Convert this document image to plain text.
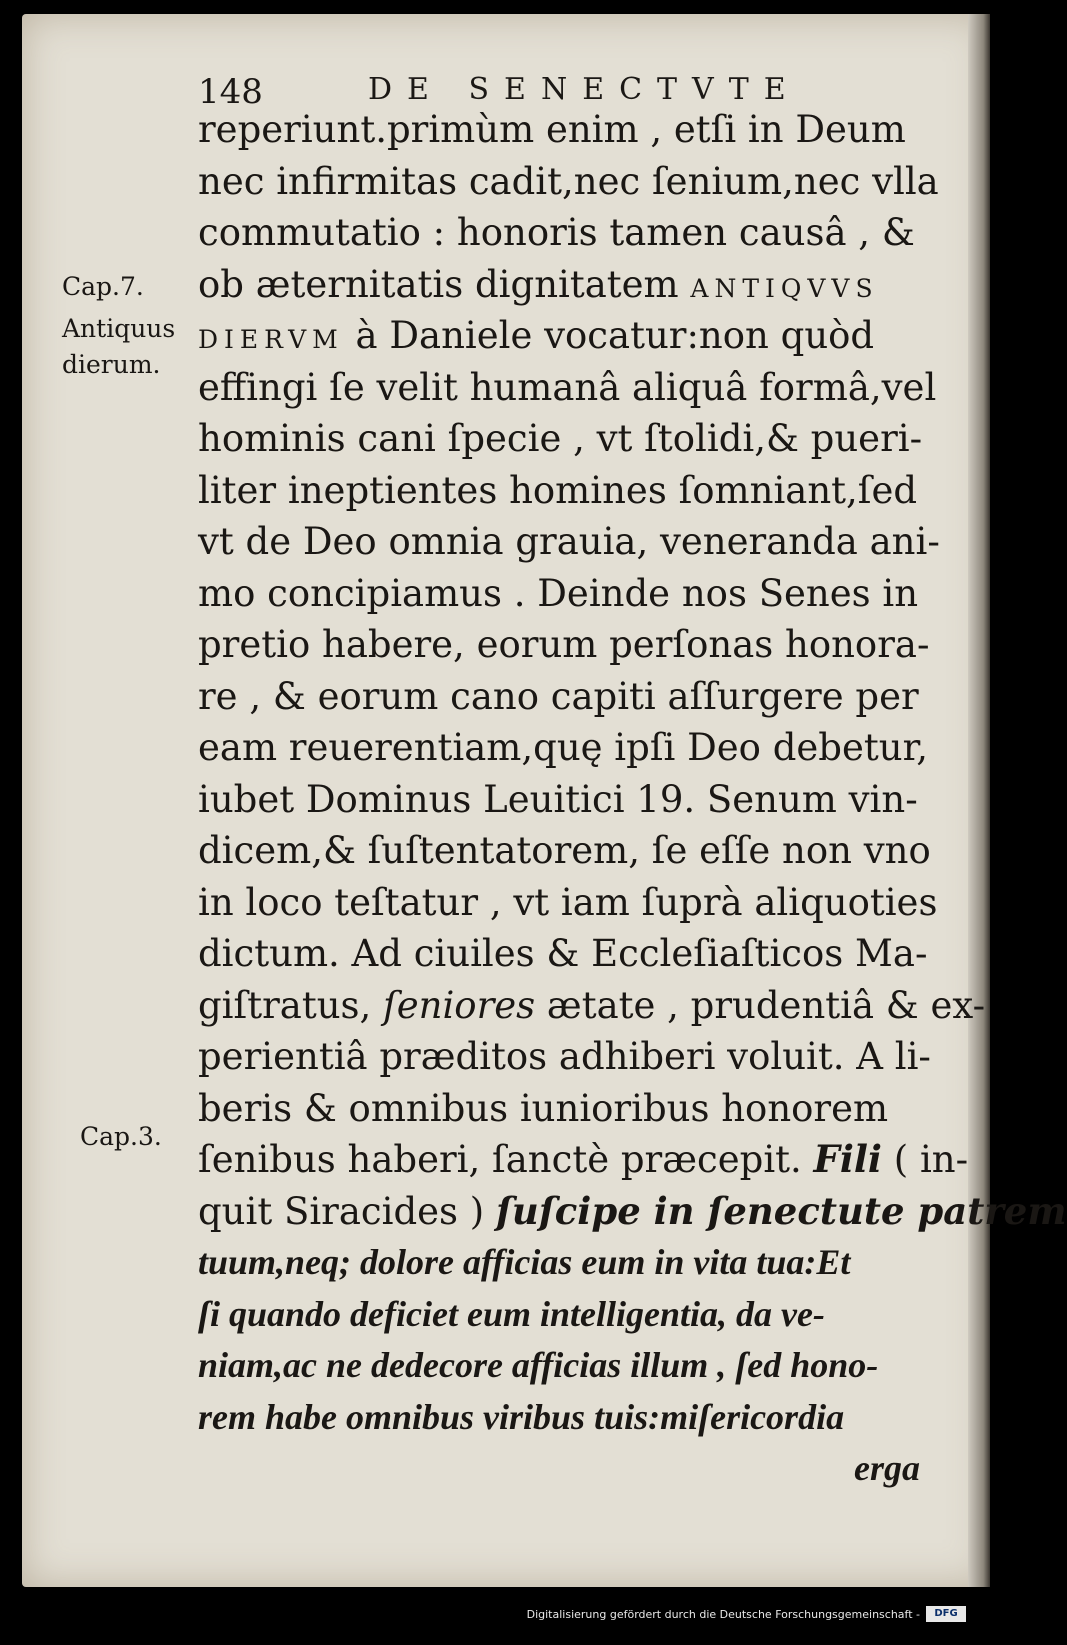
148	DE SENECTVTE
Cap.7.
Antiquus
dierum.
Cap.3.
reperiunt.primùm enim , etſi in Deum
nec infirmitas cadit,nec ſenium,nec vlla
commutatio : honoris tamen causâ , &
ob æternitatis dignitatem ANTIQVVS
DIERVM à Daniele vocatur:non quòd
effingi ſe velit humanâ aliquâ formâ,vel
hominis cani ſpecie , vt ſtolidi,& pueri-
liter ineptientes homines ſomniant,ſed
vt de Deo omnia grauia, veneranda ani-
mo concipiamus . Deinde nos Senes in
pretio habere, eorum perſonas honora-
re , & eorum cano capiti aſſurgere per
eam reuerentiam,quę ipſi Deo debetur,
iubet Dominus Leuitici 19. Senum vin-
dicem,& ſuſtentatorem, ſe eſſe non vno
in loco teſtatur , vt iam ſuprà aliquoties
dictum. Ad ciuiles & Eccleſiaſticos Ma-
giſtratus, ſeniores ætate , prudentiâ & ex-
perientiâ præditos adhiberi voluit. A li-
beris & omnibus iunioribus honorem
ſenibus haberi, ſanctè præcepit. Fili ( in-
quit Siracides ) ſuſcipe in ſenectute patrem
tuum,neq; dolore afficias eum in vita tua:Et
ſi quando deficiet eum intelligentia, da ve-
niam,ac ne dedecore afficias illum , ſed hono-
rem habe omnibus viribus tuis:miſericordia
erga
Digitalisierung gefördert durch die Deutsche Forschungsgemeinschaft -	DFG
